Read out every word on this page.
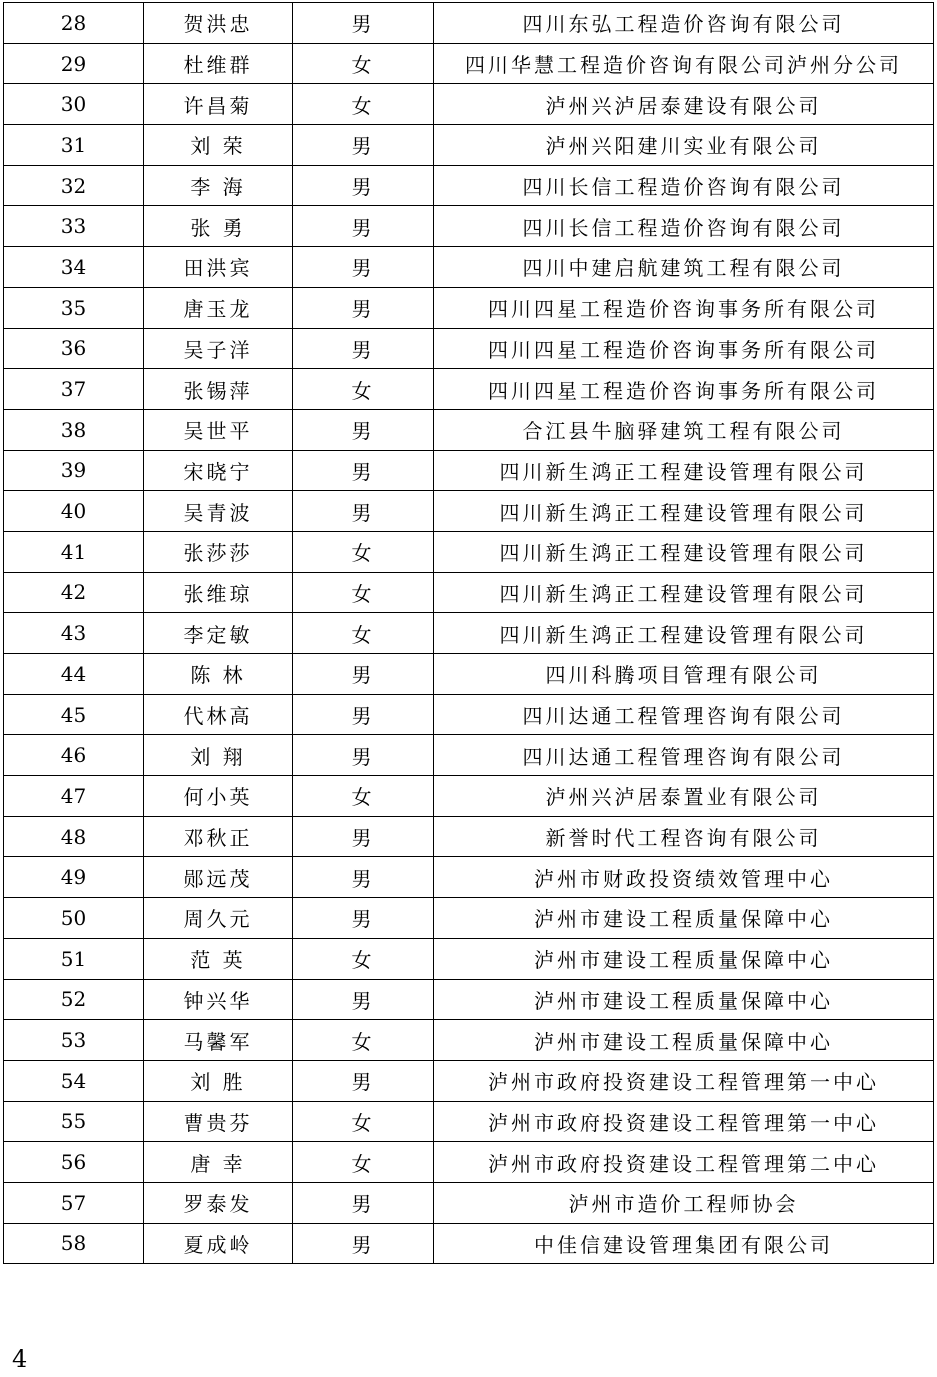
28	贺洪忠	男	四川东弘工程造价咨询有限公司
29	杜维群	女	四川华慧工程造价咨询有限公司泸州分公司
30	许昌菊	女	泸州兴泸居泰建设有限公司
31	刘 荣	男	泸州兴阳建川实业有限公司
32	李 海	男	四川长信工程造价咨询有限公司
33	张 勇	男	四川长信工程造价咨询有限公司
34	田洪宾	男	四川中建启航建筑工程有限公司
35	唐玉龙	男	四川四星工程造价咨询事务所有限公司
36	吴子洋	男	四川四星工程造价咨询事务所有限公司
37	张锡萍	女	四川四星工程造价咨询事务所有限公司
38	吴世平	男	合江县牛脑驿建筑工程有限公司
39	宋晓宁	男	四川新生鸿正工程建设管理有限公司
40	吴青波	男	四川新生鸿正工程建设管理有限公司
41	张莎莎	女	四川新生鸿正工程建设管理有限公司
42	张维琼	女	四川新生鸿正工程建设管理有限公司
43	李定敏	女	四川新生鸿正工程建设管理有限公司
44	陈 林	男	四川科腾项目管理有限公司
45	代林高	男	四川达通工程管理咨询有限公司
46	刘 翔	男	四川达通工程管理咨询有限公司
47	何小英	女	泸州兴泸居泰置业有限公司
48	邓秋正	男	新誉时代工程咨询有限公司
49	郧远茂	男	泸州市财政投资绩效管理中心
50	周久元	男	泸州市建设工程质量保障中心
51	范 英	女	泸州市建设工程质量保障中心
52	钟兴华	男	泸州市建设工程质量保障中心
53	马馨军	女	泸州市建设工程质量保障中心
54	刘 胜	男	泸州市政府投资建设工程管理第一中心
55	曹贵芬	女	泸州市政府投资建设工程管理第一中心
56	唐 幸	女	泸州市政府投资建设工程管理第二中心
57	罗泰发	男	泸州市造价工程师协会
58	夏成岭	男	中佳信建设管理集团有限公司
4
